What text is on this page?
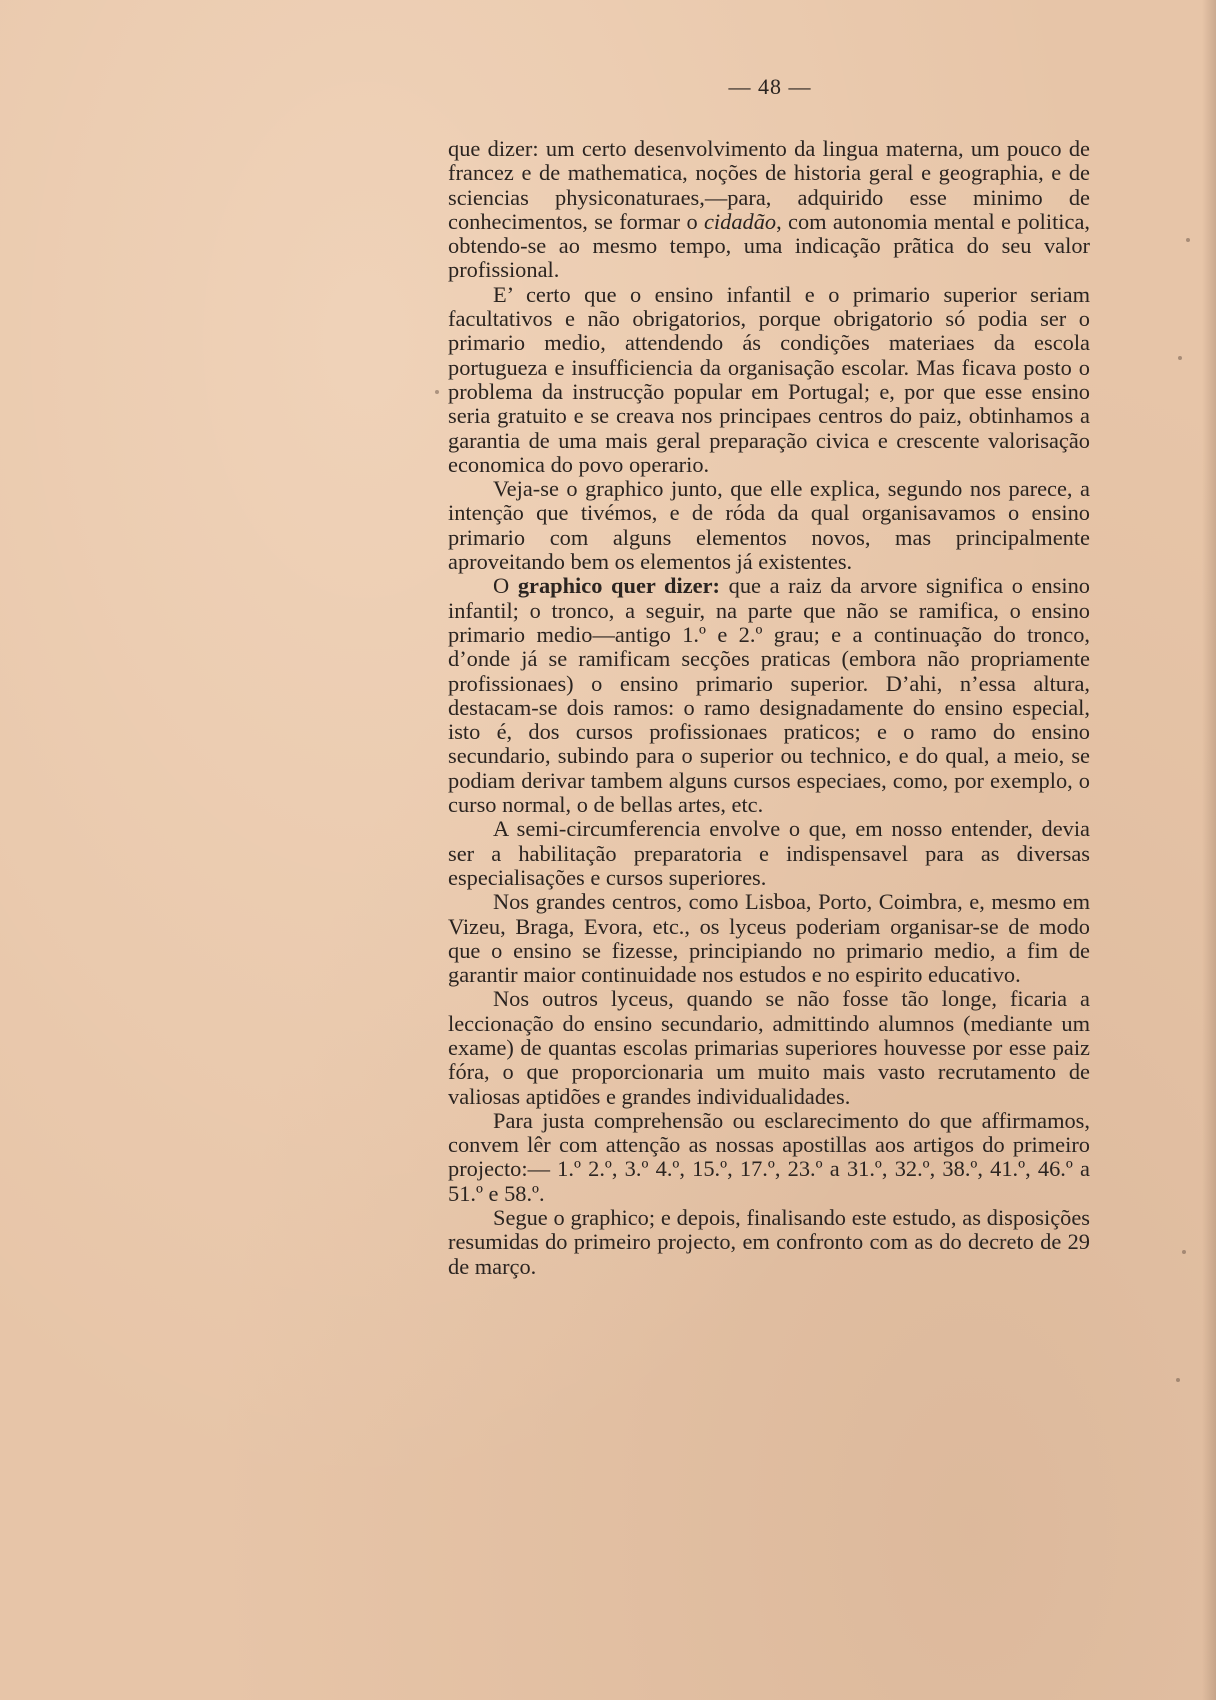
— 48 —

que dizer: um certo desenvolvimento da lingua materna, um pouco de francez e de mathematica, noções de historia geral e geographia, e de sciencias physiconaturaes,—para, adquirido esse minimo de conhecimentos, se formar o cidadão, com autonomia mental e politica, obtendo-se ao mesmo tempo, uma indicação prãtica do seu valor profissional.

E’ certo que o ensino infantil e o primario superior seriam facultativos e não obrigatorios, porque obrigatorio só podia ser o primario medio, attendendo ás condições materiaes da escola portugueza e insufficiencia da organisação escolar. Mas ficava posto o problema da instrucção popular em Portugal; e, por que esse ensino seria gratuito e se creava nos principaes centros do paiz, obtinhamos a garantia de uma mais geral preparação civica e crescente valorisação economica do povo operario.

Veja-se o graphico junto, que elle explica, segundo nos parece, a intenção que tivémos, e de róda da qual organisavamos o ensino primario com alguns elementos novos, mas principalmente aproveitando bem os elementos já existentes.

O graphico quer dizer: que a raiz da arvore significa o ensino infantil; o tronco, a seguir, na parte que não se ramifica, o ensino primario medio—antigo 1.º e 2.º grau; e a continuação do tronco, d’onde já se ramificam secções praticas (embora não propriamente profissionaes) o ensino primario superior. D’ahi, n’essa altura, destacam-se dois ramos: o ramo designadamente do ensino especial, isto é, dos cursos profissionaes praticos; e o ramo do ensino secundario, subindo para o superior ou technico, e do qual, a meio, se podiam derivar tambem alguns cursos especiaes, como, por exemplo, o curso normal, o de bellas artes, etc.

A semi-circumferencia envolve o que, em nosso entender, devia ser a habilitação preparatoria e indispensavel para as diversas especialisações e cursos superiores.

Nos grandes centros, como Lisboa, Porto, Coimbra, e, mesmo em Vizeu, Braga, Evora, etc., os lyceus poderiam organisar-se de modo que o ensino se fizesse, principiando no primario medio, a fim de garantir maior continuidade nos estudos e no espirito educativo.

Nos outros lyceus, quando se não fosse tão longe, ficaria a leccionação do ensino secundario, admittindo alumnos (mediante um exame) de quantas escolas primarias superiores houvesse por esse paiz fóra, o que proporcionaria um muito mais vasto recrutamento de valiosas aptidões e grandes individualidades.

Para justa comprehensão ou esclarecimento do que affirmamos, convem lêr com attenção as nossas apostillas aos artigos do primeiro projecto:— 1.º 2.º, 3.º 4.º, 15.º, 17.º, 23.º a 31.º, 32.º, 38.º, 41.º, 46.º a 51.º e 58.º.

Segue o graphico; e depois, finalisando este estudo, as disposições resumidas do primeiro projecto, em confronto com as do decreto de 29 de março.
